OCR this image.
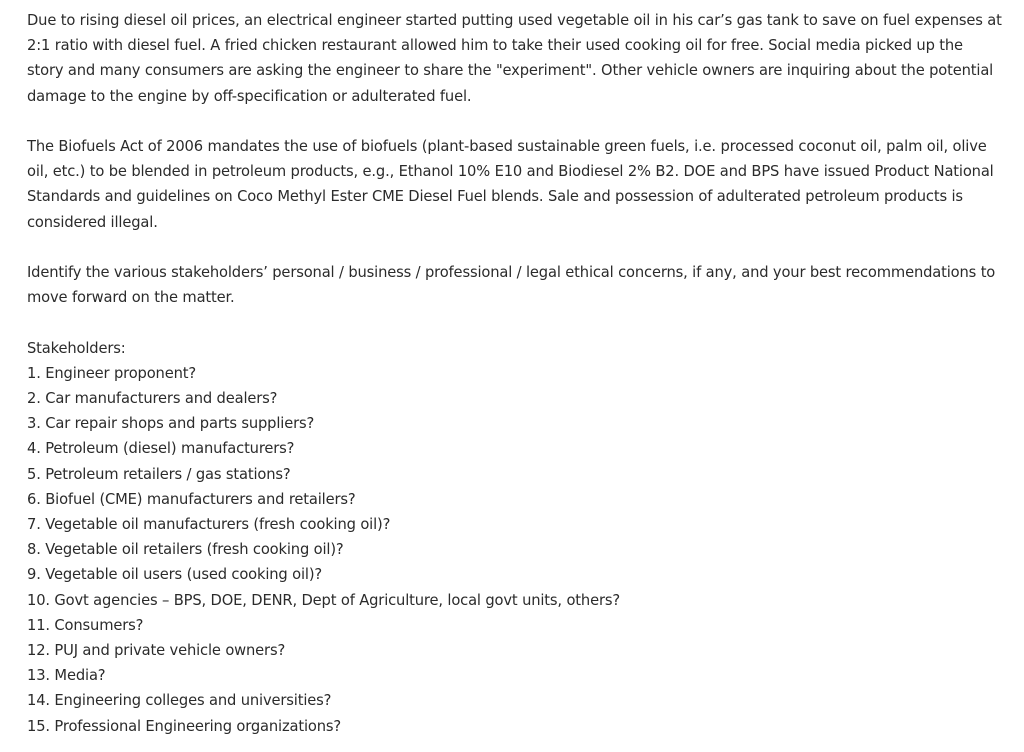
Due to rising diesel oil prices, an electrical engineer started putting used vegetable oil in his car’s gas tank to save on fuel expenses at 2:1 ratio with diesel fuel. A fried chicken restaurant allowed him to take their used cooking oil for free. Social media picked up the story and many consumers are asking the engineer to share the "experiment". Other vehicle owners are inquiring about the potential damage to the engine by off-specification or adulterated fuel.

The Biofuels Act of 2006 mandates the use of biofuels (plant-based sustainable green fuels, i.e. processed coconut oil, palm oil, olive oil, etc.) to be blended in petroleum products, e.g., Ethanol 10% E10 and Biodiesel 2% B2. DOE and BPS have issued Product National Standards and guidelines on Coco Methyl Ester CME Diesel Fuel blends. Sale and possession of adulterated petroleum products is considered illegal.

Identify the various stakeholders’ personal / business / professional / legal ethical concerns, if any, and your best recommendations to move forward on the matter.

Stakeholders:

1. Engineer proponent?
2. Car manufacturers and dealers?
3. Car repair shops and parts suppliers?
4. Petroleum (diesel) manufacturers?
5. Petroleum retailers / gas stations?
6. Biofuel (CME) manufacturers and retailers?
7. Vegetable oil manufacturers (fresh cooking oil)?
8. Vegetable oil retailers (fresh cooking oil)?
9. Vegetable oil users (used cooking oil)?
10. Govt agencies – BPS, DOE, DENR, Dept of Agriculture, local govt units, others?
11. Consumers?
12. PUJ and private vehicle owners?
13. Media?
14. Engineering colleges and universities?
15. Professional Engineering organizations?
